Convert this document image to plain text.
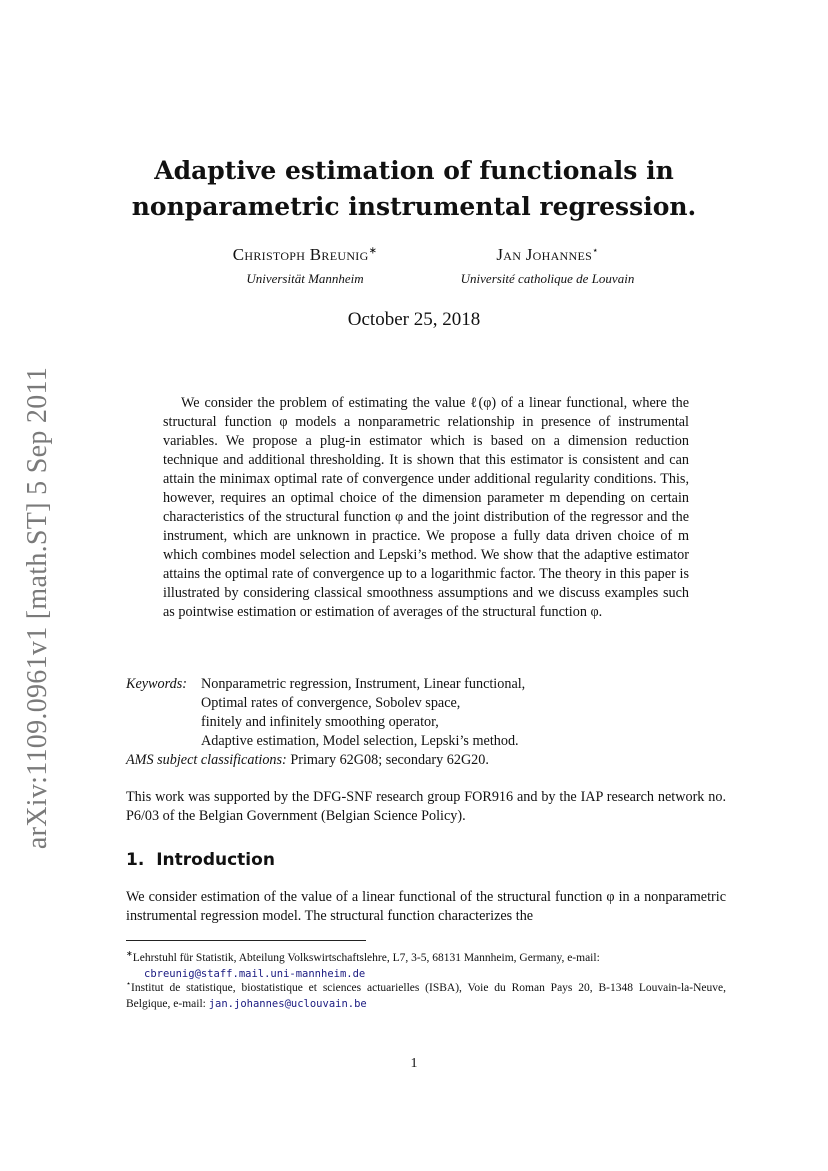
arXiv:1109.0961v1 [math.ST] 5 Sep 2011
Adaptive estimation of functionals in
nonparametric instrumental regression.
Christoph Breunig∗
Universität Mannheim
Jan Johannes⋆
Université catholique de Louvain
October 25, 2018
We consider the problem of estimating the value ℓ(φ) of a linear functional, where the structural function φ models a nonparametric relationship in presence of instrumental variables. We propose a plug-in estimator which is based on a dimension reduction technique and additional thresholding. It is shown that this estimator is consistent and can attain the minimax optimal rate of convergence under additional regularity conditions. This, however, requires an optimal choice of the dimension parameter m depending on certain characteristics of the structural function φ and the joint distribution of the regressor and the instrument, which are unknown in practice. We propose a fully data driven choice of m which combines model selection and Lepski’s method. We show that the adaptive estimator attains the optimal rate of convergence up to a logarithmic factor. The theory in this paper is illustrated by considering classical smoothness assumptions and we discuss examples such as pointwise estimation or estimation of averages of the structural function φ.
Keywords: Nonparametric regression, Instrument, Linear functional,
Optimal rates of convergence, Sobolev space,
finitely and infinitely smoothing operator,
Adaptive estimation, Model selection, Lepski’s method.
AMS subject classifications: Primary 62G08; secondary 62G20.
This work was supported by the DFG-SNF research group FOR916 and by the IAP research network no. P6/03 of the Belgian Government (Belgian Science Policy).
1. Introduction
We consider estimation of the value of a linear functional of the structural function φ in a nonparametric instrumental regression model. The structural function characterizes the
∗Lehrstuhl für Statistik, Abteilung Volkswirtschaftslehre, L7, 3-5, 68131 Mannheim, Germany, e-mail:
cbreunig@staff.mail.uni-mannheim.de
⋆Institut de statistique, biostatistique et sciences actuarielles (ISBA), Voie du Roman Pays 20, B-1348 Louvain-la-Neuve, Belgique, e-mail: jan.johannes@uclouvain.be
1
